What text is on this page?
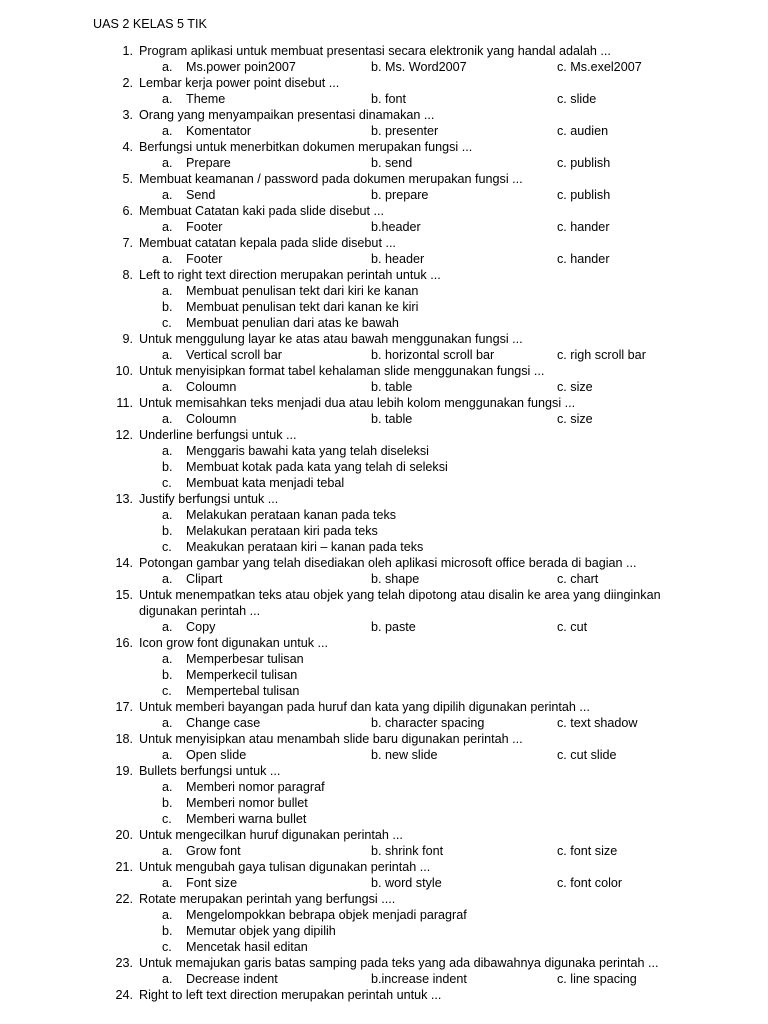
UAS 2 KELAS 5 TIK
1. Program aplikasi untuk membuat presentasi secara elektronik yang handal adalah ...
a. Ms.power poin2007	b. Ms. Word2007	c. Ms.exel2007
2. Lembar kerja power point disebut ...
a. Theme	b. font	c. slide
3. Orang yang menyampaikan presentasi dinamakan ...
a. Komentator	b. presenter	c. audien
4. Berfungsi untuk menerbitkan dokumen merupakan fungsi ...
a. Prepare	b. send	c. publish
5. Membuat keamanan / password pada dokumen merupakan fungsi ...
a. Send	b. prepare	c. publish
6. Membuat Catatan kaki pada slide disebut ...
a. Footer	b.header	c. hander
7. Membuat catatan kepala pada slide disebut ...
a. Footer	b. header	c. hander
8. Left to right text direction merupakan perintah untuk ...
a. Membuat penulisan tekt dari kiri ke kanan
b. Membuat penulisan tekt dari kanan ke kiri
c. Membuat penulian dari atas ke bawah
9. Untuk menggulung layar ke atas atau bawah menggunakan fungsi ...
a. Vertical scroll bar	b. horizontal scroll bar	c. righ scroll bar
10. Untuk menyisipkan format tabel kehalaman slide menggunakan fungsi ...
a. Coloumn	b. table	c. size
11. Untuk memisahkan teks menjadi dua atau lebih kolom menggunakan fungsi ...
a. Coloumn	b. table	c. size
12. Underline berfungsi untuk ...
a. Menggaris bawahi kata yang telah diseleksi
b. Membuat kotak pada kata yang telah di seleksi
c. Membuat kata menjadi tebal
13. Justify berfungsi untuk ...
a. Melakukan perataan kanan pada teks
b. Melakukan perataan kiri pada teks
c. Meakukan perataan kiri – kanan pada teks
14. Potongan gambar yang telah disediakan oleh aplikasi microsoft office berada di bagian ...
a. Clipart	b. shape	c. chart
15. Untuk menempatkan teks atau objek yang telah dipotong atau disalin ke area yang diinginkan
digunakan perintah ...
a. Copy	b. paste	c. cut
16. Icon grow font digunakan untuk ...
a. Memperbesar tulisan
b. Memperkecil tulisan
c. Mempertebal tulisan
17. Untuk memberi bayangan pada huruf dan kata yang dipilih digunakan perintah ...
a. Change case	b. character spacing	c. text shadow
18. Untuk menyisipkan atau menambah slide baru digunakan perintah ...
a. Open slide	b. new slide	c. cut slide
19. Bullets berfungsi untuk ...
a. Memberi nomor paragraf
b. Memberi nomor bullet
c. Memberi warna bullet
20. Untuk mengecilkan huruf digunakan perintah ...
a. Grow font	b. shrink font	c. font size
21. Untuk mengubah gaya tulisan digunakan perintah ...
a. Font size	b. word style	c. font color
22. Rotate merupakan perintah yang berfungsi ....
a. Mengelompokkan bebrapa objek menjadi paragraf
b. Memutar objek yang dipilih
c. Mencetak hasil editan
23. Untuk memajukan garis batas samping pada teks yang ada dibawahnya digunaka perintah ...
a. Decrease indent	b.increase indent	c. line spacing
24. Right to left text direction merupakan perintah untuk ...
